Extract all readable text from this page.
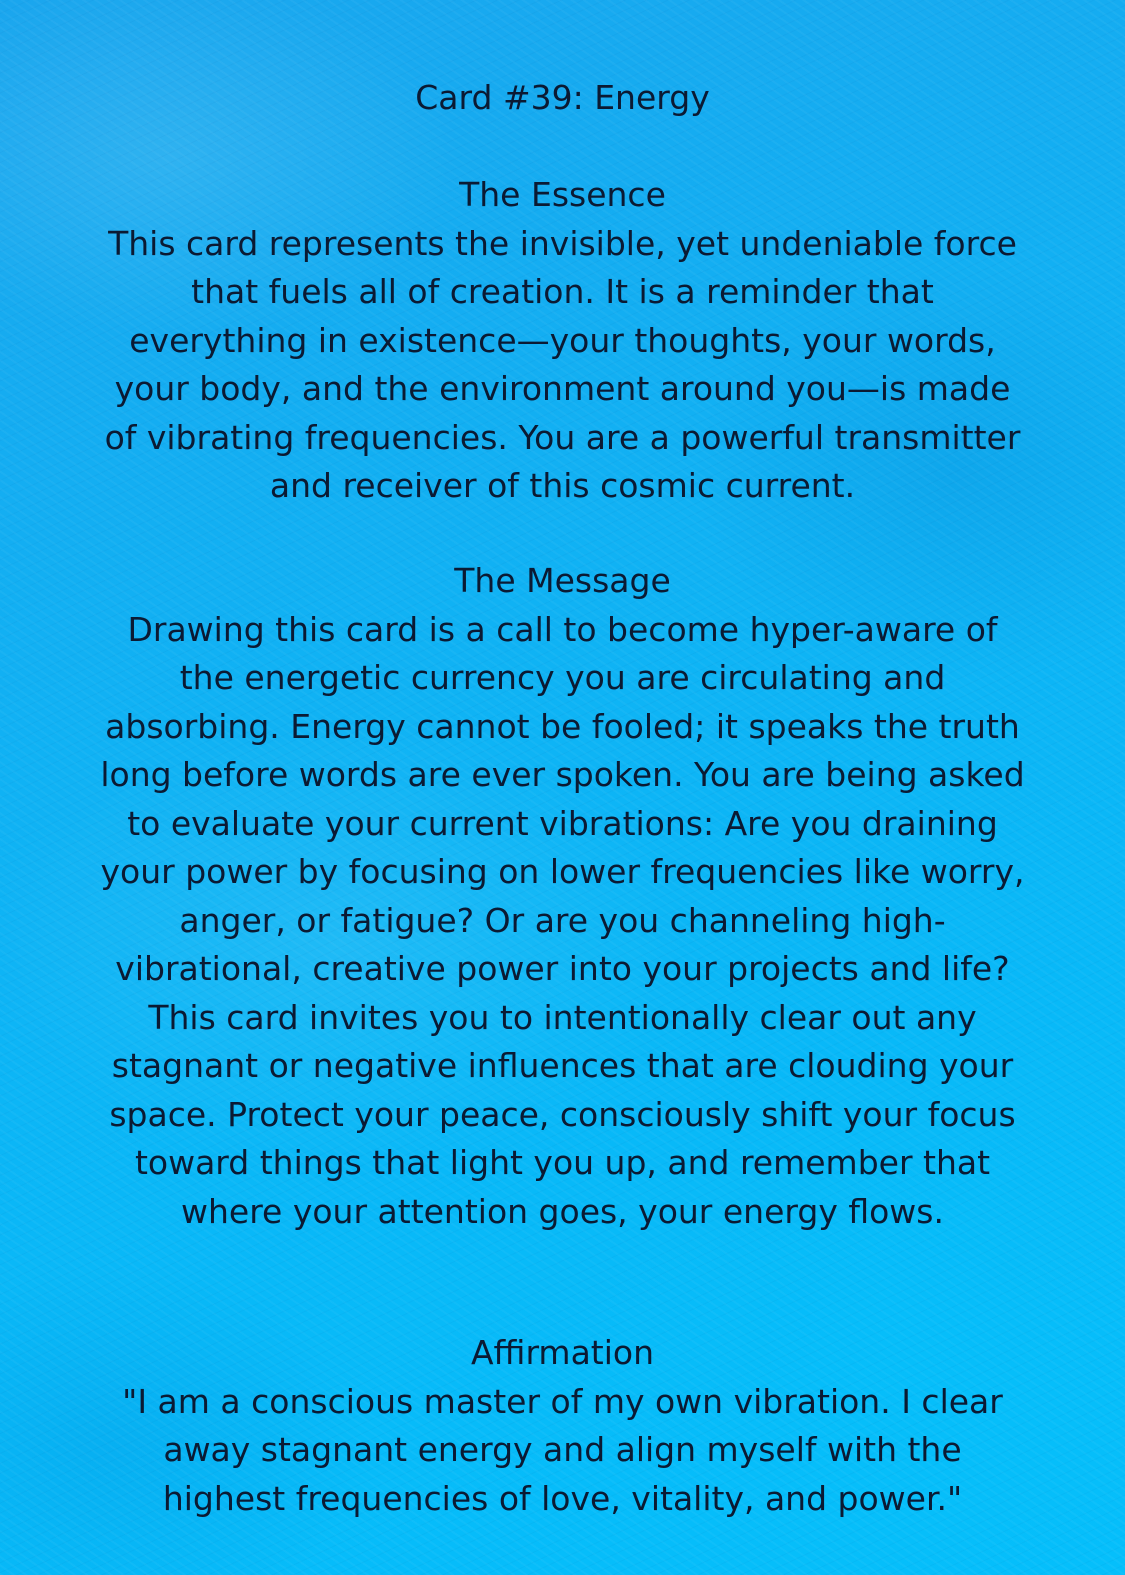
Card #39: Energy
The Essence

This card represents the invisible, yet undeniable force that fuels all of creation. It is a reminder that everything in existence—your thoughts, your words, your body, and the environment around you—is made of vibrating frequencies. You are a powerful transmitter and receiver of this cosmic current.

The Message

Drawing this card is a call to become hyper-aware of the energetic currency you are circulating and absorbing. Energy cannot be fooled; it speaks the truth long before words are ever spoken. You are being asked to evaluate your current vibrations: Are you draining your power by focusing on lower frequencies like worry, anger, or fatigue? Or are you channeling high-vibrational, creative power into your projects and life? This card invites you to intentionally clear out any stagnant or negative influences that are clouding your space. Protect your peace, consciously shift your focus toward things that light you up, and remember that where your attention goes, your energy flows.

Affirmation

"I am a conscious master of my own vibration. I clear away stagnant energy and align myself with the highest frequencies of love, vitality, and power."
